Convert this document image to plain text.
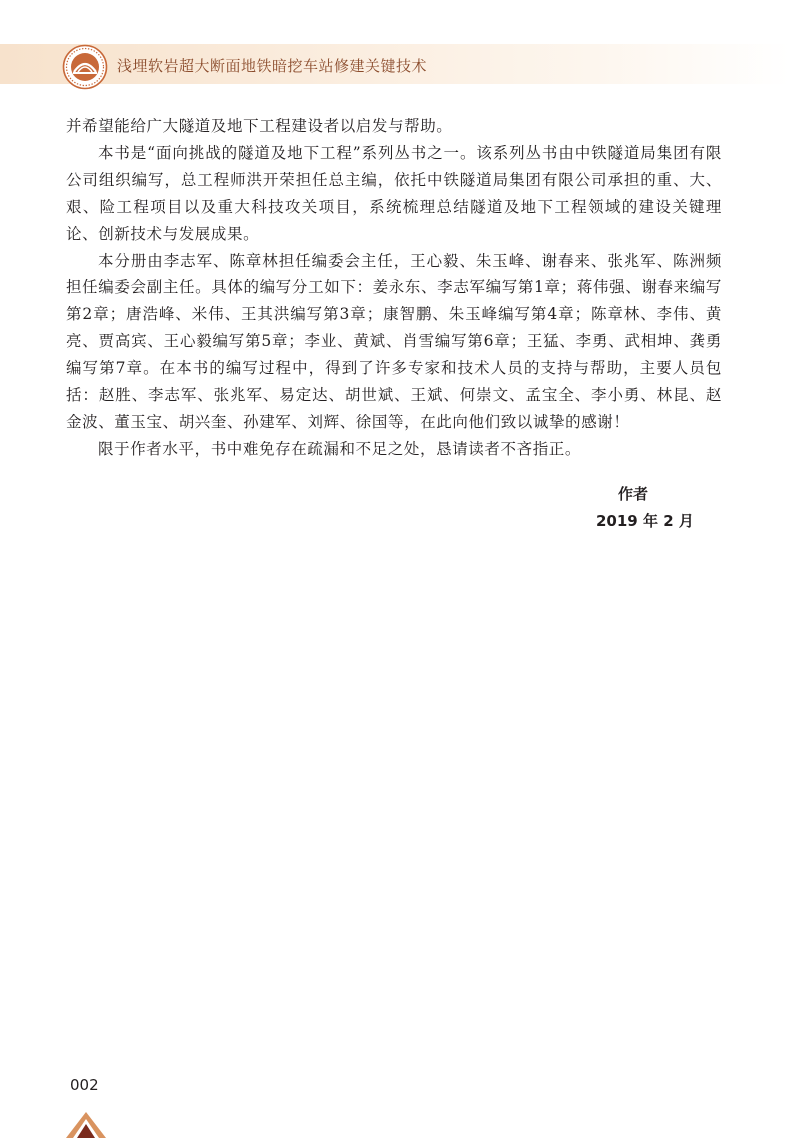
浅埋软岩超大断面地铁暗挖车站修建关键技术

并希望能给广大隧道及地下工程建设者以启发与帮助。

本书是“面向挑战的隧道及地下工程”系列丛书之一。该系列丛书由中铁隧道局集团有限公司组织编写，总工程师洪开荣担任总主编，依托中铁隧道局集团有限公司承担的重、大、艰、险工程项目以及重大科技攻关项目，系统梳理总结隧道及地下工程领域的建设关键理论、创新技术与发展成果。

本分册由李志军、陈章林担任编委会主任，王心毅、朱玉峰、谢春来、张兆军、陈洲频担任编委会副主任。具体的编写分工如下：姜永东、李志军编写第1章；蒋伟强、谢春来编写第2章；唐浩峰、米伟、王其洪编写第3章；康智鹏、朱玉峰编写第4章；陈章林、李伟、黄亮、贾高宾、王心毅编写第5章；李业、黄斌、肖雪编写第6章；王猛、李勇、武相坤、龚勇编写第7章。在本书的编写过程中，得到了许多专家和技术人员的支持与帮助，主要人员包括：赵胜、李志军、张兆军、易定达、胡世斌、王斌、何崇文、孟宝全、李小勇、林昆、赵金波、董玉宝、胡兴奎、孙建军、刘辉、徐国等，在此向他们致以诚挚的感谢！

限于作者水平，书中难免存在疏漏和不足之处，恳请读者不吝指正。

作者
2019 年 2 月
002
